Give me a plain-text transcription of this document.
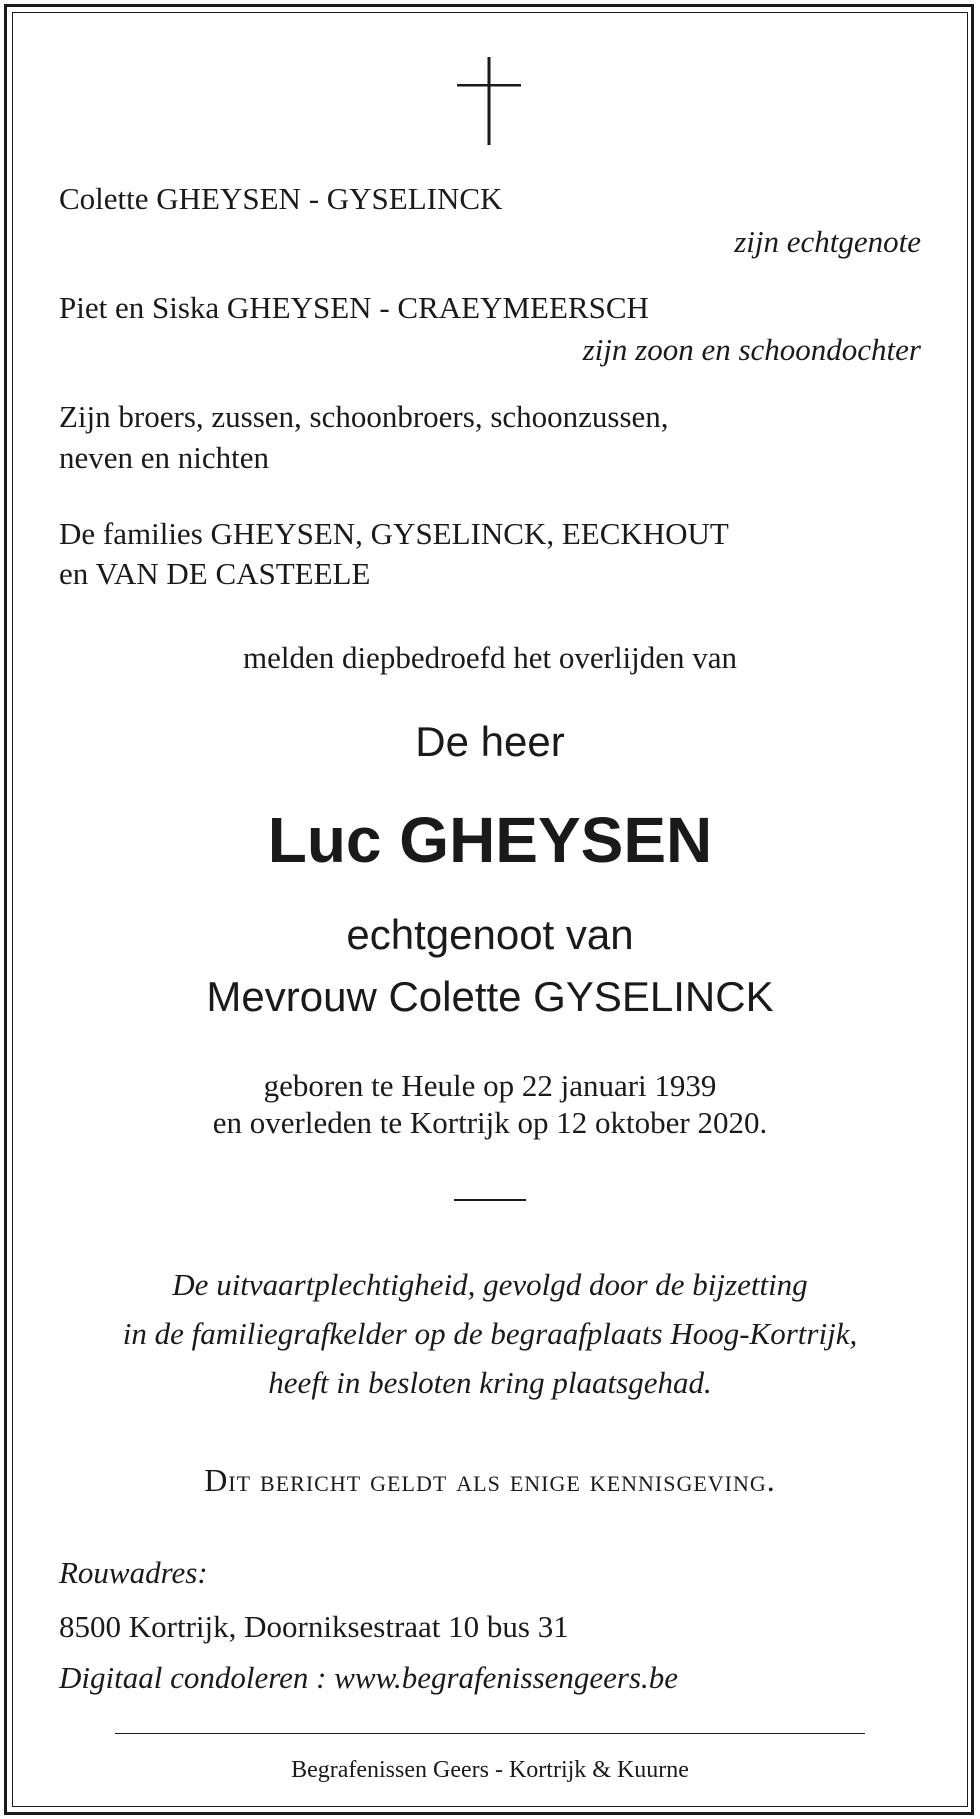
Colette GHEYSEN - GYSELINCK
zijn echtgenote
Piet en Siska GHEYSEN - CRAEYMEERSCH
zijn zoon en schoondochter
Zijn broers, zussen, schoonbroers, schoonzussen,
neven en nichten
De families GHEYSEN, GYSELINCK, EECKHOUT
en VAN DE CASTEELE
melden diepbedroefd het overlijden van
De heer
Luc GHEYSEN
echtgenoot van
Mevrouw Colette GYSELINCK
geboren te Heule op 22 januari 1939
en overleden te Kortrijk op 12 oktober 2020.
De uitvaartplechtigheid, gevolgd door de bijzetting
in de familiegrafkelder op de begraafplaats Hoog-Kortrijk,
heeft in besloten kring plaatsgehad.
Dit bericht geldt als enige kennisgeving.
Rouwadres:
8500 Kortrijk, Doorniksestraat 10 bus 31
Digitaal condoleren : www.begrafenissengeers.be
Begrafenissen Geers - Kortrijk & Kuurne
